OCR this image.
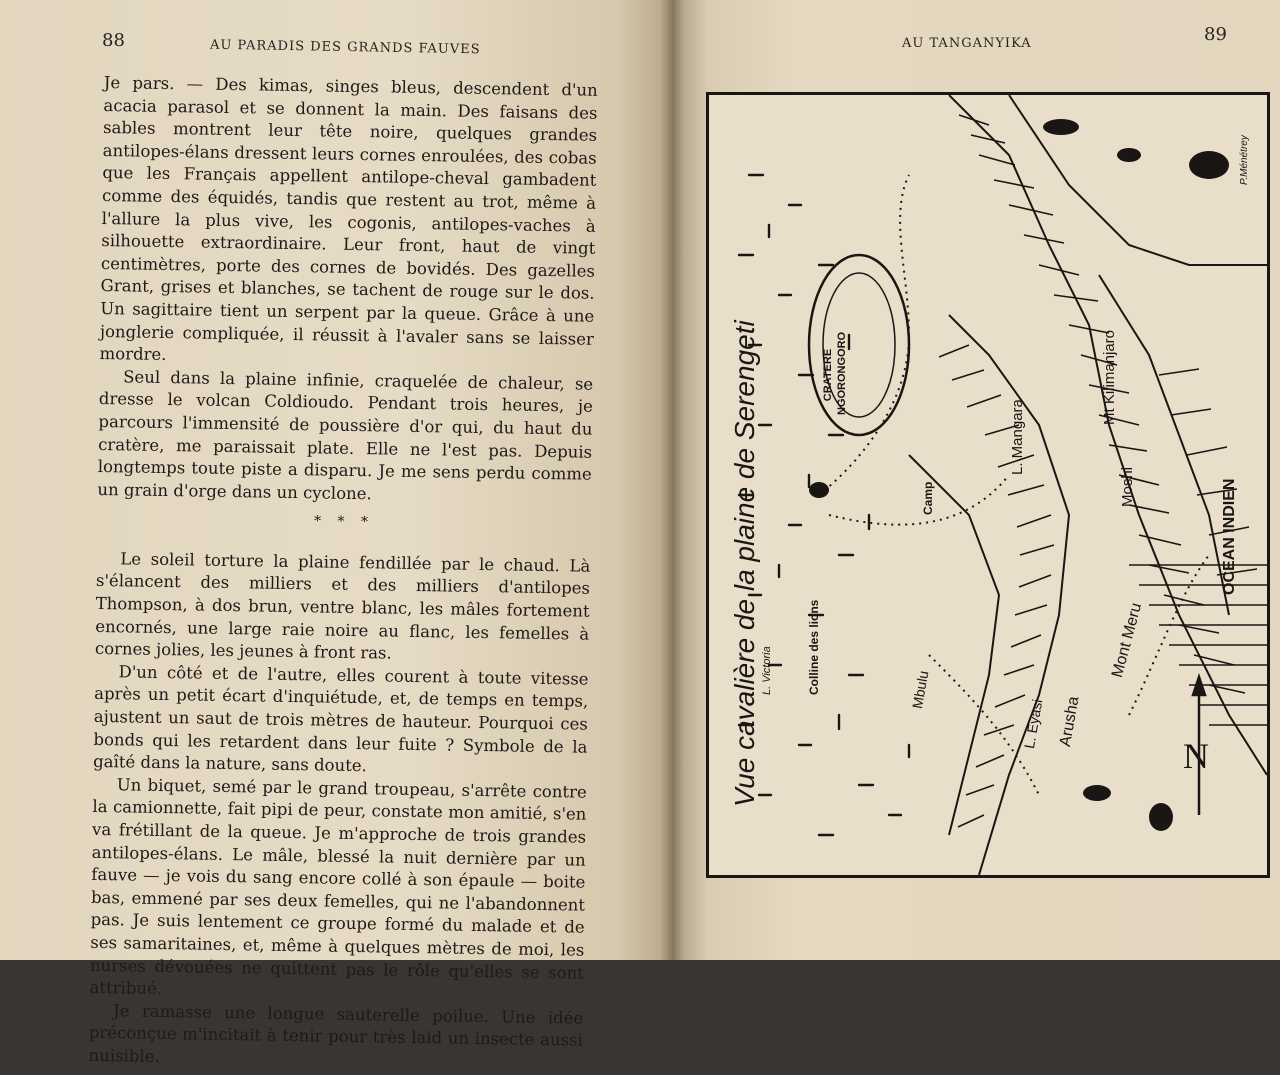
88	AU PARADIS DES GRANDS FAUVES

Je pars. — Des kimas, singes bleus, descendent d'un acacia parasol et se donnent la main. Des faisans des sables montrent leur tête noire, quelques grandes antilopes-élans dressent leurs cornes enroulées, des cobas que les Français appellent antilope-cheval gambadent comme des équidés, tandis que restent au trot, même à l'allure la plus vive, les cogonis, antilopes-vaches à silhouette extraordinaire. Leur front, haut de vingt centimètres, porte des cornes de bovidés. Des gazelles Grant, grises et blanches, se tachent de rouge sur le dos. Un sagittaire tient un serpent par la queue. Grâce à une jonglerie compliquée, il réussit à l'avaler sans se laisser mordre.

Seul dans la plaine infinie, craquelée de chaleur, se dresse le volcan Coldioudo. Pendant trois heures, je parcours l'immensité de poussière d'or qui, du haut du cratère, me paraissait plate. Elle ne l'est pas. Depuis longtemps toute piste a disparu. Je me sens perdu comme un grain d'orge dans un cyclone.

* * *

Le soleil torture la plaine fendillée par le chaud. Là s'élancent des milliers et des milliers d'antilopes Thompson, à dos brun, ventre blanc, les mâles fortement encornés, une large raie noire au flanc, les femelles à cornes jolies, les jeunes à front ras.

D'un côté et de l'autre, elles courent à toute vitesse après un petit écart d'inquiétude, et, de temps en temps, ajustent un saut de trois mètres de hauteur. Pourquoi ces bonds qui les retardent dans leur fuite ? Symbole de la gaîté dans la nature, sans doute.

Un biquet, semé par le grand troupeau, s'arrête contre la camionnette, fait pipi de peur, constate mon amitié, s'en va frétillant de la queue. Je m'approche de trois grandes antilopes-élans. Le mâle, blessé la nuit dernière par un fauve — je vois du sang encore collé à son épaule — boite bas, emmené par ses deux femelles, qui ne l'abandonnent pas. Je suis lentement ce groupe formé du malade et de ses samaritaines, et, même à quelques mètres de moi, les nurses dévouées ne quittent pas le rôle qu'elles se sont attribué.

Je ramasse une longue sauterelle poilue. Une idée préconçue m'incitait à tenir pour très laid un insecte aussi nuisible.

89
AU TANGANYIKA
Vue cavalière de la plaine de Serengeti
P.Ménétrey
CRATERE NGORONGORO	Mt Kilimanjaro
L. Mangara
Moshi	OCEAN INDIEN
Camp
Colline des lions
L. Victoria	Mont Meru
Arusha
L. Eyasi
Mbulu
N
